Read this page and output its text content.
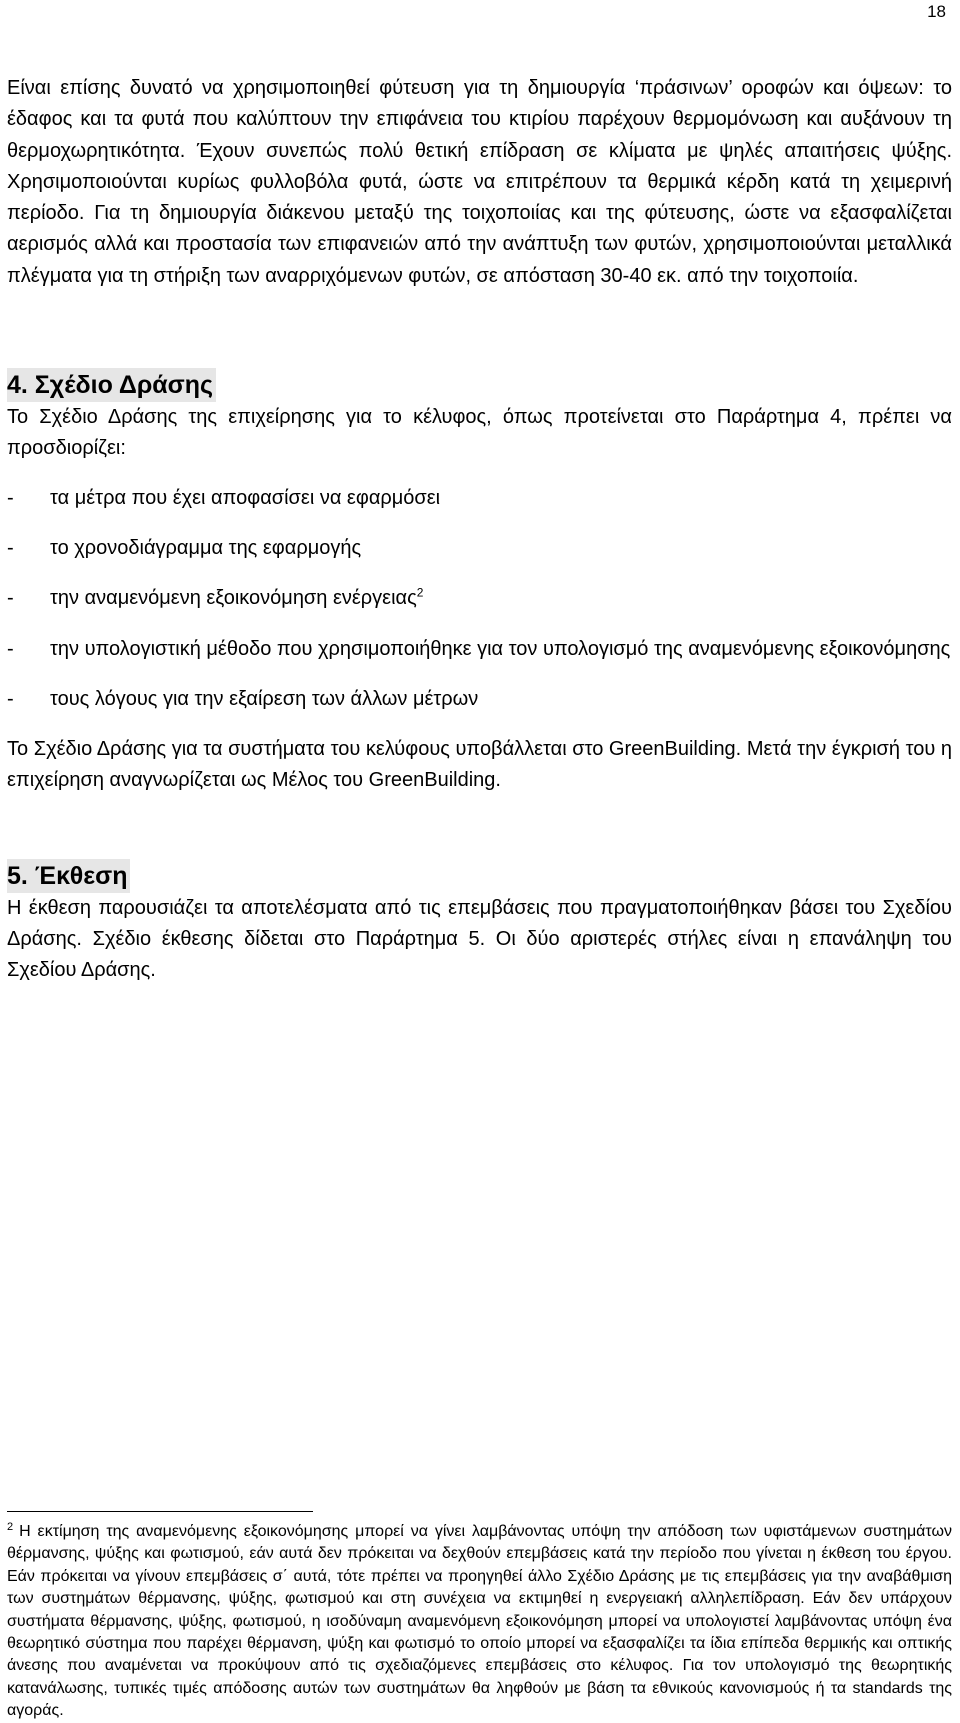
18

Είναι επίσης δυνατό να χρησιμοποιηθεί φύτευση για τη δημιουργία ‘πράσινων’ οροφών και όψεων: το έδαφος και τα φυτά που καλύπτουν την επιφάνεια του κτιρίου παρέχουν θερμομόνωση και αυξάνουν τη θερμοχωρητικότητα. Έχουν συνεπώς πολύ θετική επίδραση σε κλίματα με ψηλές απαιτήσεις ψύξης. Χρησιμοποιούνται κυρίως φυλλοβόλα φυτά, ώστε να επιτρέπουν τα θερμικά κέρδη κατά τη χειμερινή περίοδο. Για τη δημιουργία διάκενου μεταξύ της τοιχοποιίας και της φύτευσης, ώστε να εξασφαλίζεται αερισμός αλλά και προστασία των επιφανειών από την ανάπτυξη των φυτών, χρησιμοποιούνται μεταλλικά πλέγματα για τη στήριξη των αναρριχόμενων φυτών, σε απόσταση 30-40 εκ. από την τοιχοποιία.

4. Σχέδιο Δράσης

Το Σχέδιο Δράσης της επιχείρησης για το κέλυφος, όπως προτείνεται στο Παράρτημα 4, πρέπει να προσδιορίζει:

- τα μέτρα που έχει αποφασίσει να εφαρμόσει
- το χρονοδιάγραμμα της εφαρμογής
- την αναμενόμενη εξοικονόμηση ενέργειας$^2$
- την υπολογιστική μέθοδο που χρησιμοποιήθηκε για τον υπολογισμό της αναμενόμενης εξοικονόμησης
- τους λόγους για την εξαίρεση των άλλων μέτρων

Το Σχέδιο Δράσης για τα συστήματα του κελύφους υποβάλλεται στο GreenBuilding. Μετά την έγκρισή του η επιχείρηση αναγνωρίζεται ως Μέλος του GreenBuilding.

5. Έκθεση

Η έκθεση παρουσιάζει τα αποτελέσματα από τις επεμβάσεις που πραγματοποιήθηκαν βάσει του Σχεδίου Δράσης. Σχέδιο έκθεσης δίδεται στο Παράρτημα 5. Οι δύο αριστερές στήλες είναι η επανάληψη του Σχεδίου Δράσης.

$^2$ Η εκτίμηση της αναμενόμενης εξοικονόμησης μπορεί να γίνει λαμβάνοντας υπόψη την απόδοση των υφιστάμενων συστημάτων θέρμανσης, ψύξης και φωτισμού, εάν αυτά δεν πρόκειται να δεχθούν επεμβάσεις κατά την περίοδο που γίνεται η έκθεση του έργου. Εάν πρόκειται να γίνουν επεμβάσεις σ΄ αυτά, τότε πρέπει να προηγηθεί άλλο Σχέδιο Δράσης με τις επεμβάσεις για την αναβάθμιση των συστημάτων θέρμανσης, ψύξης, φωτισμού και στη συνέχεια να εκτιμηθεί η ενεργειακή αλληλεπίδραση. Εάν δεν υπάρχουν συστήματα θέρμανσης, ψύξης, φωτισμού, η ισοδύναμη αναμενόμενη εξοικονόμηση μπορεί να υπολογιστεί λαμβάνοντας υπόψη ένα θεωρητικό σύστημα που παρέχει θέρμανση, ψύξη και φωτισμό το οποίο μπορεί να εξασφαλίζει τα ίδια επίπεδα θερμικής και οπτικής άνεσης που αναμένεται να προκύψουν από τις σχεδιαζόμενες επεμβάσεις στο κέλυφος. Για τον υπολογισμό της θεωρητικής κατανάλωσης, τυπικές τιμές απόδοσης αυτών των συστημάτων θα ληφθούν με βάση τα εθνικούς κανονισμούς ή τα standards της αγοράς.
